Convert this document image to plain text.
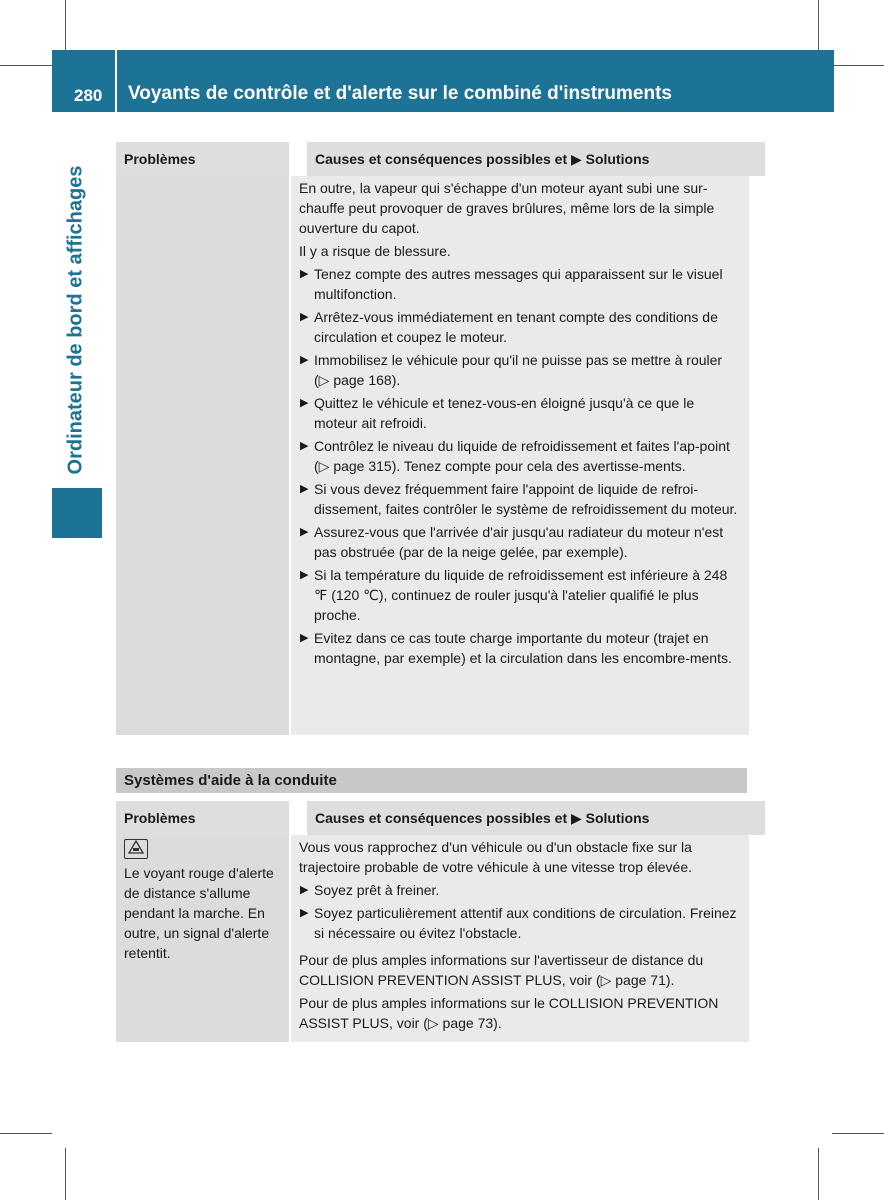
280 Voyants de contrôle et d'alerte sur le combiné d'instruments
Ordinateur de bord et affichages
Problèmes	Causes et conséquences possibles et ▶ Solutions

En outre, la vapeur qui s'échappe d'un moteur ayant subi une sur-chauffe peut provoquer de graves brûlures, même lors de la simple ouverture du capot.

Il y a risque de blessure.

▶ Tenez compte des autres messages qui apparaissent sur le visuel multifonction.
▶ Arrêtez-vous immédiatement en tenant compte des conditions de circulation et coupez le moteur.
▶ Immobilisez le véhicule pour qu'il ne puisse pas se mettre à rouler (▷ page 168).
▶ Quittez le véhicule et tenez-vous-en éloigné jusqu'à ce que le moteur ait refroidi.
▶ Contrôlez le niveau du liquide de refroidissement et faites l'ap-point (▷ page 315). Tenez compte pour cela des avertisse-ments.
▶ Si vous devez fréquemment faire l'appoint de liquide de refroi-dissement, faites contrôler le système de refroidissement du moteur.
▶ Assurez-vous que l'arrivée d'air jusqu'au radiateur du moteur n'est pas obstruée (par de la neige gelée, par exemple).
▶ Si la température du liquide de refroidissement est inférieure à 248 ℉ (120 ℃), continuez de rouler jusqu'à l'atelier qualifié le plus proche.
▶ Evitez dans ce cas toute charge importante du moteur (trajet en montagne, par exemple) et la circulation dans les encombre-ments.
Systèmes d'aide à la conduite
Problèmes	Causes et conséquences possibles et ▶ Solutions
Le voyant rouge d'alerte de distance s'allume pendant la marche. En outre, un signal d'alerte retentit.

Vous vous rapprochez d'un véhicule ou d'un obstacle fixe sur la trajectoire probable de votre véhicule à une vitesse trop élevée.

▶ Soyez prêt à freiner.
▶ Soyez particulièrement attentif aux conditions de circulation. Freinez si nécessaire ou évitez l'obstacle.

Pour de plus amples informations sur l'avertisseur de distance du COLLISION PREVENTION ASSIST PLUS, voir (▷ page 71).

Pour de plus amples informations sur le COLLISION PREVENTION ASSIST PLUS, voir (▷ page 73).
